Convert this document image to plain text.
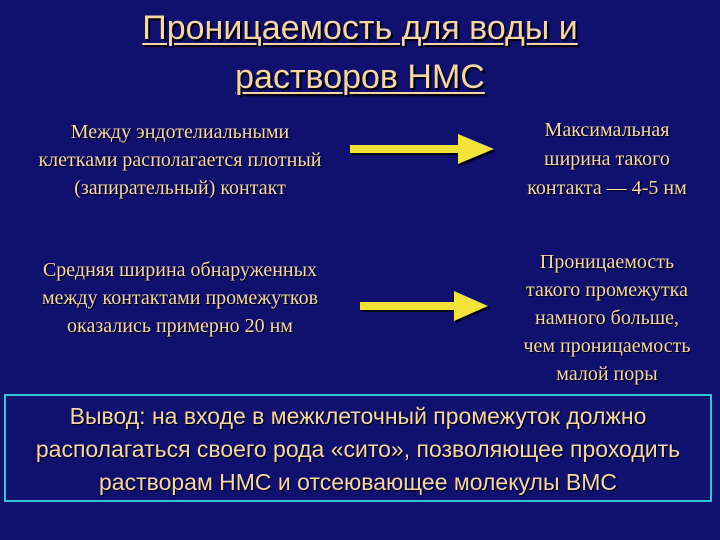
Проницаемость для воды и
растворов НМС
Между эндотелиальными
клетками располагается плотный
(запирательный) контакт
Максимальная
ширина такого
контакта — 4-5 нм
Средняя ширина обнаруженных
между контактами промежутков
оказались примерно 20 нм
Проницаемость
такого промежутка
намного больше,
чем проницаемость
малой поры
Вывод: на входе в межклеточный промежуток должно
располагаться своего рода «сито», позволяющее проходить
растворам НМС и отсеювающее молекулы ВМС
